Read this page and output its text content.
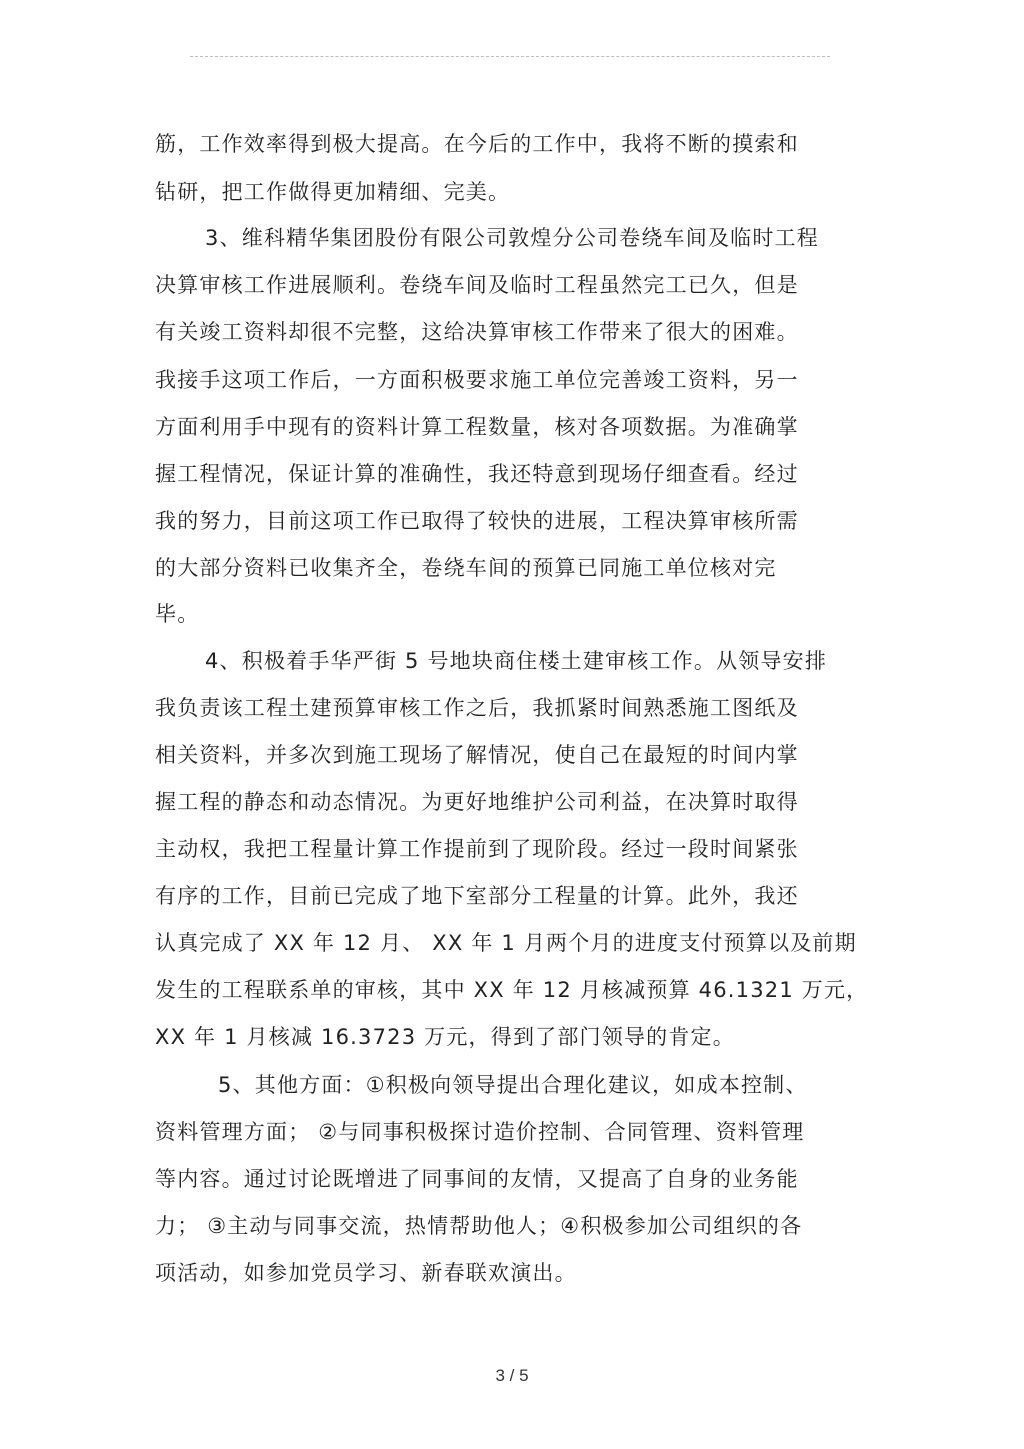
筋，工作效率得到极大提高。在今后的工作中，我将不断的摸索和
钻研，把工作做得更加精细、完美。
3、维科精华集团股份有限公司敦煌分公司卷绕车间及临时工程
决算审核工作进展顺利。卷绕车间及临时工程虽然完工已久，但是
有关竣工资料却很不完整，这给决算审核工作带来了很大的困难。
我接手这项工作后，一方面积极要求施工单位完善竣工资料，另一
方面利用手中现有的资料计算工程数量，核对各项数据。为准确掌
握工程情况，保证计算的准确性，我还特意到现场仔细查看。经过
我的努力，目前这项工作已取得了较快的进展，工程决算审核所需
的大部分资料已收集齐全，卷绕车间的预算已同施工单位核对完
毕。
4、积极着手华严街 5 号地块商住楼土建审核工作。从领导安排
我负责该工程土建预算审核工作之后，我抓紧时间熟悉施工图纸及
相关资料，并多次到施工现场了解情况，使自己在最短的时间内掌
握工程的静态和动态情况。为更好地维护公司利益，在决算时取得
主动权，我把工程量计算工作提前到了现阶段。经过一段时间紧张
有序的工作，目前已完成了地下室部分工程量的计算。此外，我还
认真完成了 XX 年 12 月、 XX 年 1 月两个月的进度支付预算以及前期
发生的工程联系单的审核，其中 XX 年 12 月核减预算 46.1321 万元，
XX 年 1 月核减 16.3723 万元，得到了部门领导的肯定。
5、其他方面：①积极向领导提出合理化建议，如成本控制、
资料管理方面； ②与同事积极探讨造价控制、合同管理、资料管理
等内容。通过讨论既增进了同事间的友情，又提高了自身的业务能
力； ③主动与同事交流，热情帮助他人；④积极参加公司组织的各
项活动，如参加党员学习、新春联欢演出。
3 / 5
